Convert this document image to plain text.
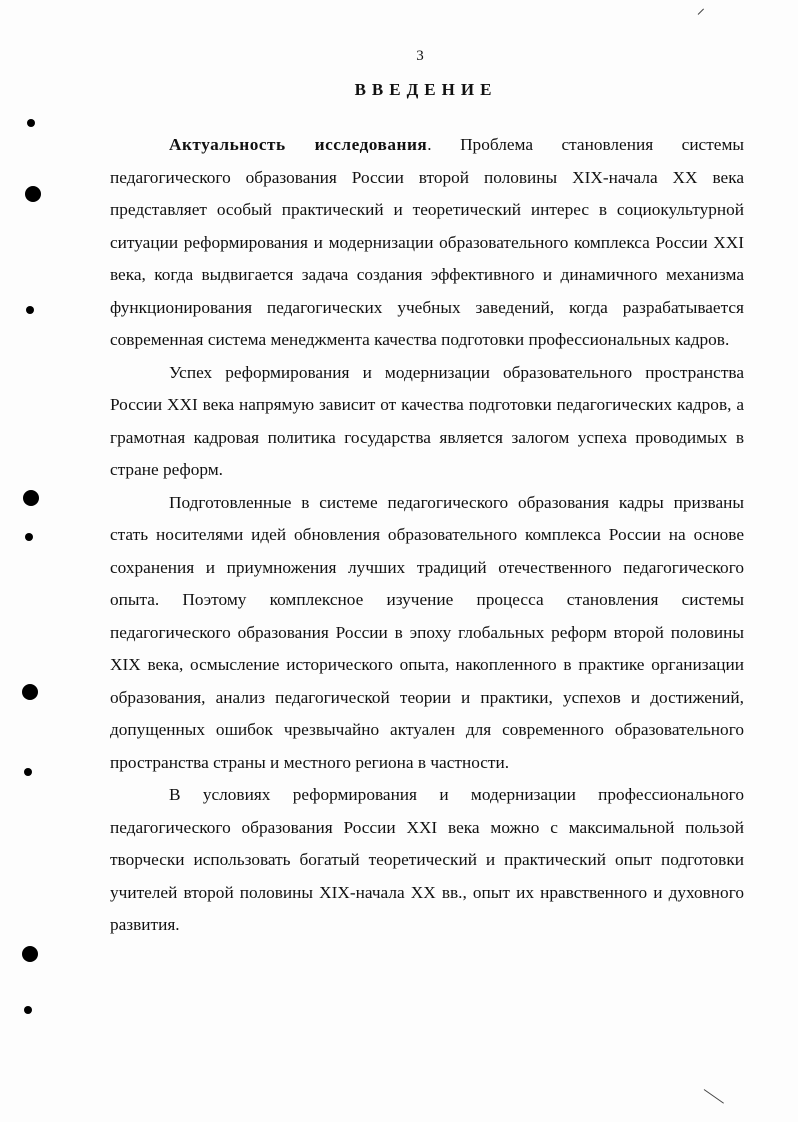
3
ВВЕДЕНИЕ

Актуальность исследования. Проблема становления системы педагогического образования России второй половины XIX-начала XX века представляет особый практический и теоретический интерес в социокультурной ситуации реформирования и модернизации образовательного комплекса России XXI века, когда выдвигается задача создания эффективного и динамичного механизма функционирования педагогических учебных заведений, когда разрабатывается современная система менеджмента качества подготовки профессиональных кадров.

Успех реформирования и модернизации образовательного пространства России XXI века напрямую зависит от качества подготовки педагогических кадров, а грамотная кадровая политика государства является залогом успеха проводимых в стране реформ.

Подготовленные в системе педагогического образования кадры призваны стать носителями идей обновления образовательного комплекса России на основе сохранения и приумножения лучших традиций отечественного педагогического опыта. Поэтому комплексное изучение процесса становления системы педагогического образования России в эпоху глобальных реформ второй половины XIX века, осмысление исторического опыта, накопленного в практике организации образования, анализ педагогической теории и практики, успехов и достижений, допущенных ошибок чрезвычайно актуален для современного образовательного пространства страны и местного региона в частности.

В условиях реформирования и модернизации профессионального педагогического образования России XXI века можно с максимальной пользой творчески использовать богатый теоретический и практический опыт подготовки учителей второй половины XIX-начала XX вв., опыт их нравственного и духовного развития.
